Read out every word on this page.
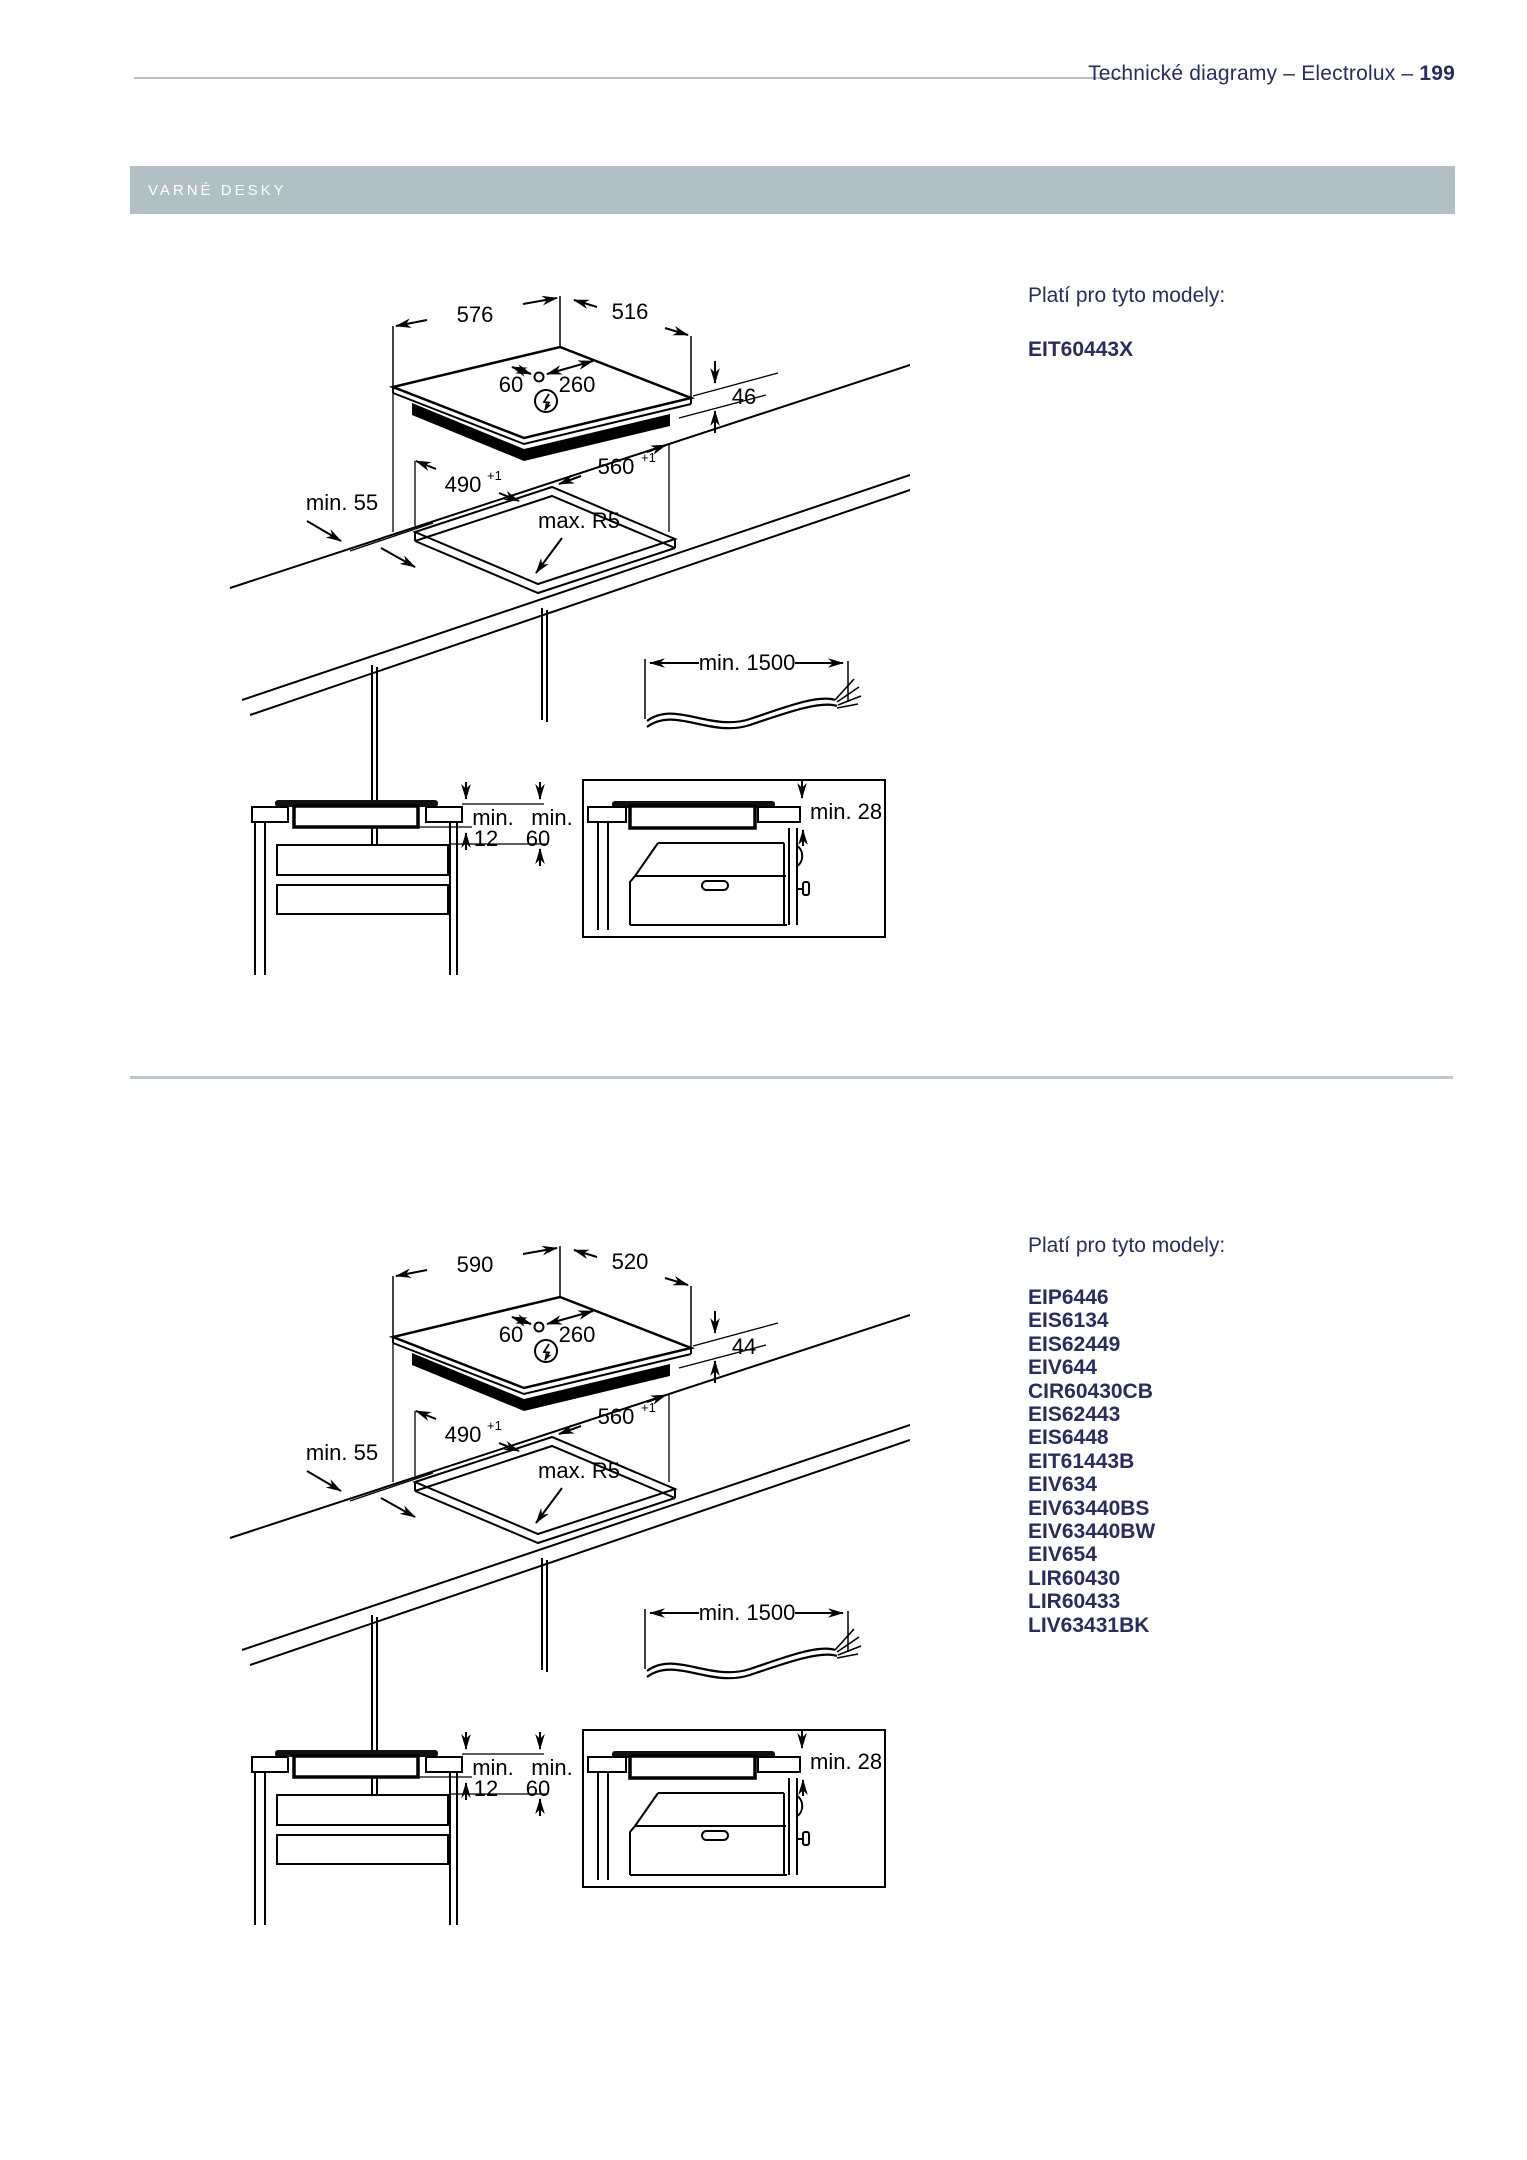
Technické diagramy – Electrolux – 199
VARNÉ DESKY
576	516
60 260	46
min. 55
490 +1	560 +1
max. R5
min. 1500
min.
12
min.
60
min. 28

Platí pro tyto modely:

EIT60443X
590	520
60 260	44
min. 55
490 +1	560 +1
max. R5
min. 1500
min.
12
min.
60
min. 28

Platí pro tyto modely:

EIP6446
EIS6134
EIS62449
EIV644
CIR60430CB
EIS62443
EIS6448
EIT61443B
EIV634
EIV63440BS
EIV63440BW
EIV654
LIR60430
LIR60433
LIV63431BK
